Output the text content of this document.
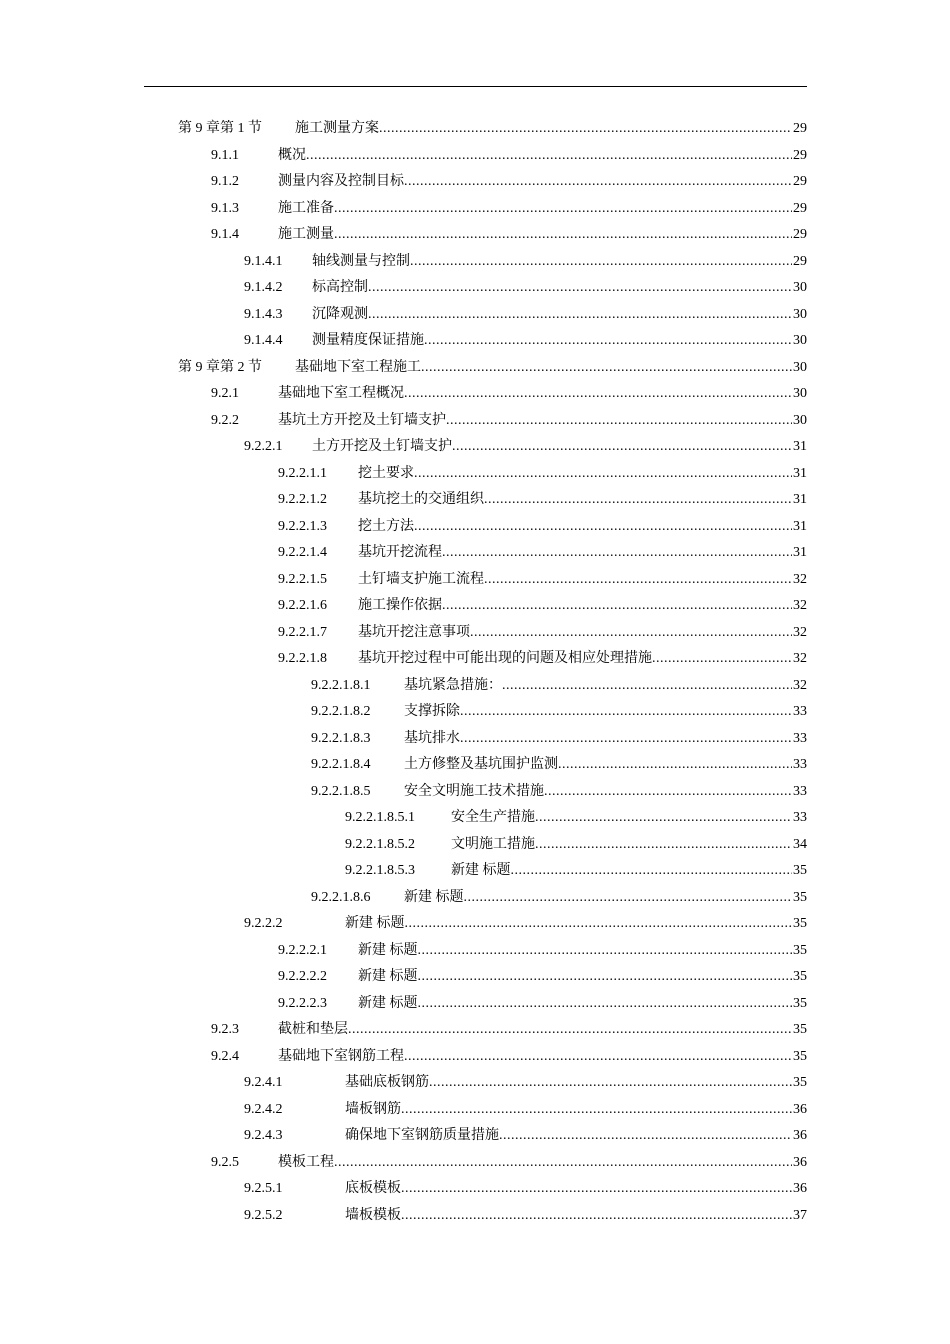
第 9 章第 1 节	施工测量方案 .....	29
9.1.1	概况 .....	29
9.1.2	测量内容及控制目标 .....	29
9.1.3	施工准备 .....	29
9.1.4	施工测量 .....	29
9.1.4.1	轴线测量与控制 .....	29
9.1.4.2	标高控制 .....	30
9.1.4.3	沉降观测 .....	30
9.1.4.4	测量精度保证措施 .....	30
第 9 章第 2 节	基础地下室工程施工 .....	30
9.2.1	基础地下室工程概况 .....	30
9.2.2	基坑土方开挖及土钉墙支护 .....	30
9.2.2.1	土方开挖及土钉墙支护 .....	31
9.2.2.1.1	挖土要求 .....	31
9.2.2.1.2	基坑挖土的交通组织 .....	31
9.2.2.1.3	挖土方法 .....	31
9.2.2.1.4	基坑开挖流程 .....	31
9.2.2.1.5	土钉墙支护施工流程 .....	32
9.2.2.1.6	施工操作依据 .....	32
9.2.2.1.7	基坑开挖注意事项 .....	32
9.2.2.1.8	基坑开挖过程中可能出现的问题及相应处理措施 .....	32
9.2.2.1.8.1	基坑紧急措施： .....	32
9.2.2.1.8.2	支撑拆除 .....	33
9.2.2.1.8.3	基坑排水 .....	33
9.2.2.1.8.4	土方修整及基坑围护监测 .....	33
9.2.2.1.8.5	安全文明施工技术措施 .....	33
9.2.2.1.8.5.1	安全生产措施 .....	33
9.2.2.1.8.5.2	文明施工措施 .....	34
9.2.2.1.8.5.3	新建 标题 .....	35
9.2.2.1.8.6	新建 标题 .....	35
9.2.2.2	新建 标题 .....	35
9.2.2.2.1	新建 标题 .....	35
9.2.2.2.2	新建 标题 .....	35
9.2.2.2.3	新建 标题 .....	35
9.2.3	截桩和垫层 .....	35
9.2.4	基础地下室钢筋工程 .....	35
9.2.4.1	基础底板钢筋 .....	35
9.2.4.2	墙板钢筋 .....	36
9.2.4.3	确保地下室钢筋质量措施 .....	36
9.2.5	模板工程 .....	36
9.2.5.1	底板模板 .....	36
9.2.5.2	墙板模板 .....	37
